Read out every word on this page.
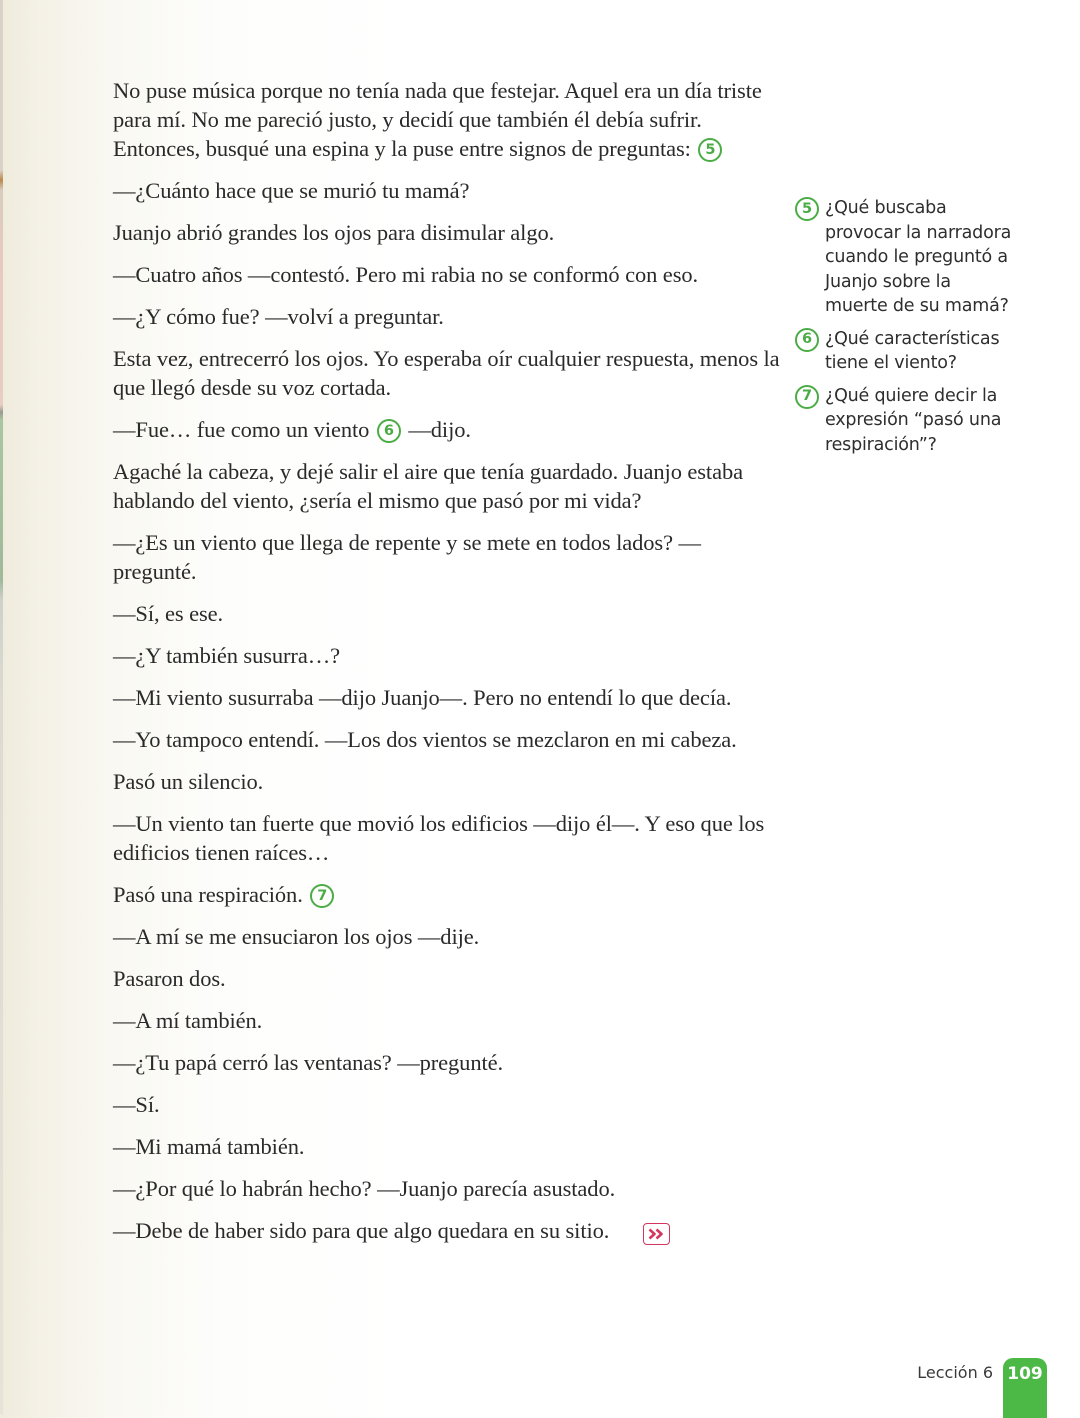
No puse música porque no tenía nada que festejar. Aquel era un día triste para mí. No me pareció justo, y decidí que también él debía sufrir. Entonces, busqué una espina y la puse entre signos de preguntas: 5

—¿Cuánto hace que se murió tu mamá?

Juanjo abrió grandes los ojos para disimular algo.

—Cuatro años —contestó. Pero mi rabia no se conformó con eso.

—¿Y cómo fue? —volví a preguntar.

Esta vez, entrecerró los ojos. Yo esperaba oír cualquier respuesta, menos la que llegó desde su voz cortada.

—Fue… fue como un viento 6 —dijo.

Agaché la cabeza, y dejé salir el aire que tenía guardado. Juanjo estaba hablando del viento, ¿sería el mismo que pasó por mi vida?

—¿Es un viento que llega de repente y se mete en todos lados? —pregunté.

—Sí, es ese.

—¿Y también susurra…?

—Mi viento susurraba —dijo Juanjo—. Pero no entendí lo que decía.

—Yo tampoco entendí. —Los dos vientos se mezclaron en mi cabeza.

Pasó un silencio.

—Un viento tan fuerte que movió los edificios —dijo él—. Y eso que los edificios tienen raíces…

Pasó una respiración. 7

—A mí se me ensuciaron los ojos —dije.

Pasaron dos.

—A mí también.

—¿Tu papá cerró las ventanas? —pregunté.

—Sí.

—Mi mamá también.

—¿Por qué lo habrán hecho? —Juanjo parecía asustado.

—Debe de haber sido para que algo quedara en su sitio.

5 ¿Qué buscaba provocar la narradora cuando le preguntó a Juanjo sobre la muerte de su mamá?
6 ¿Qué características tiene el viento?
7 ¿Qué quiere decir la expresión “pasó una respiración”?
Lección 6 109
